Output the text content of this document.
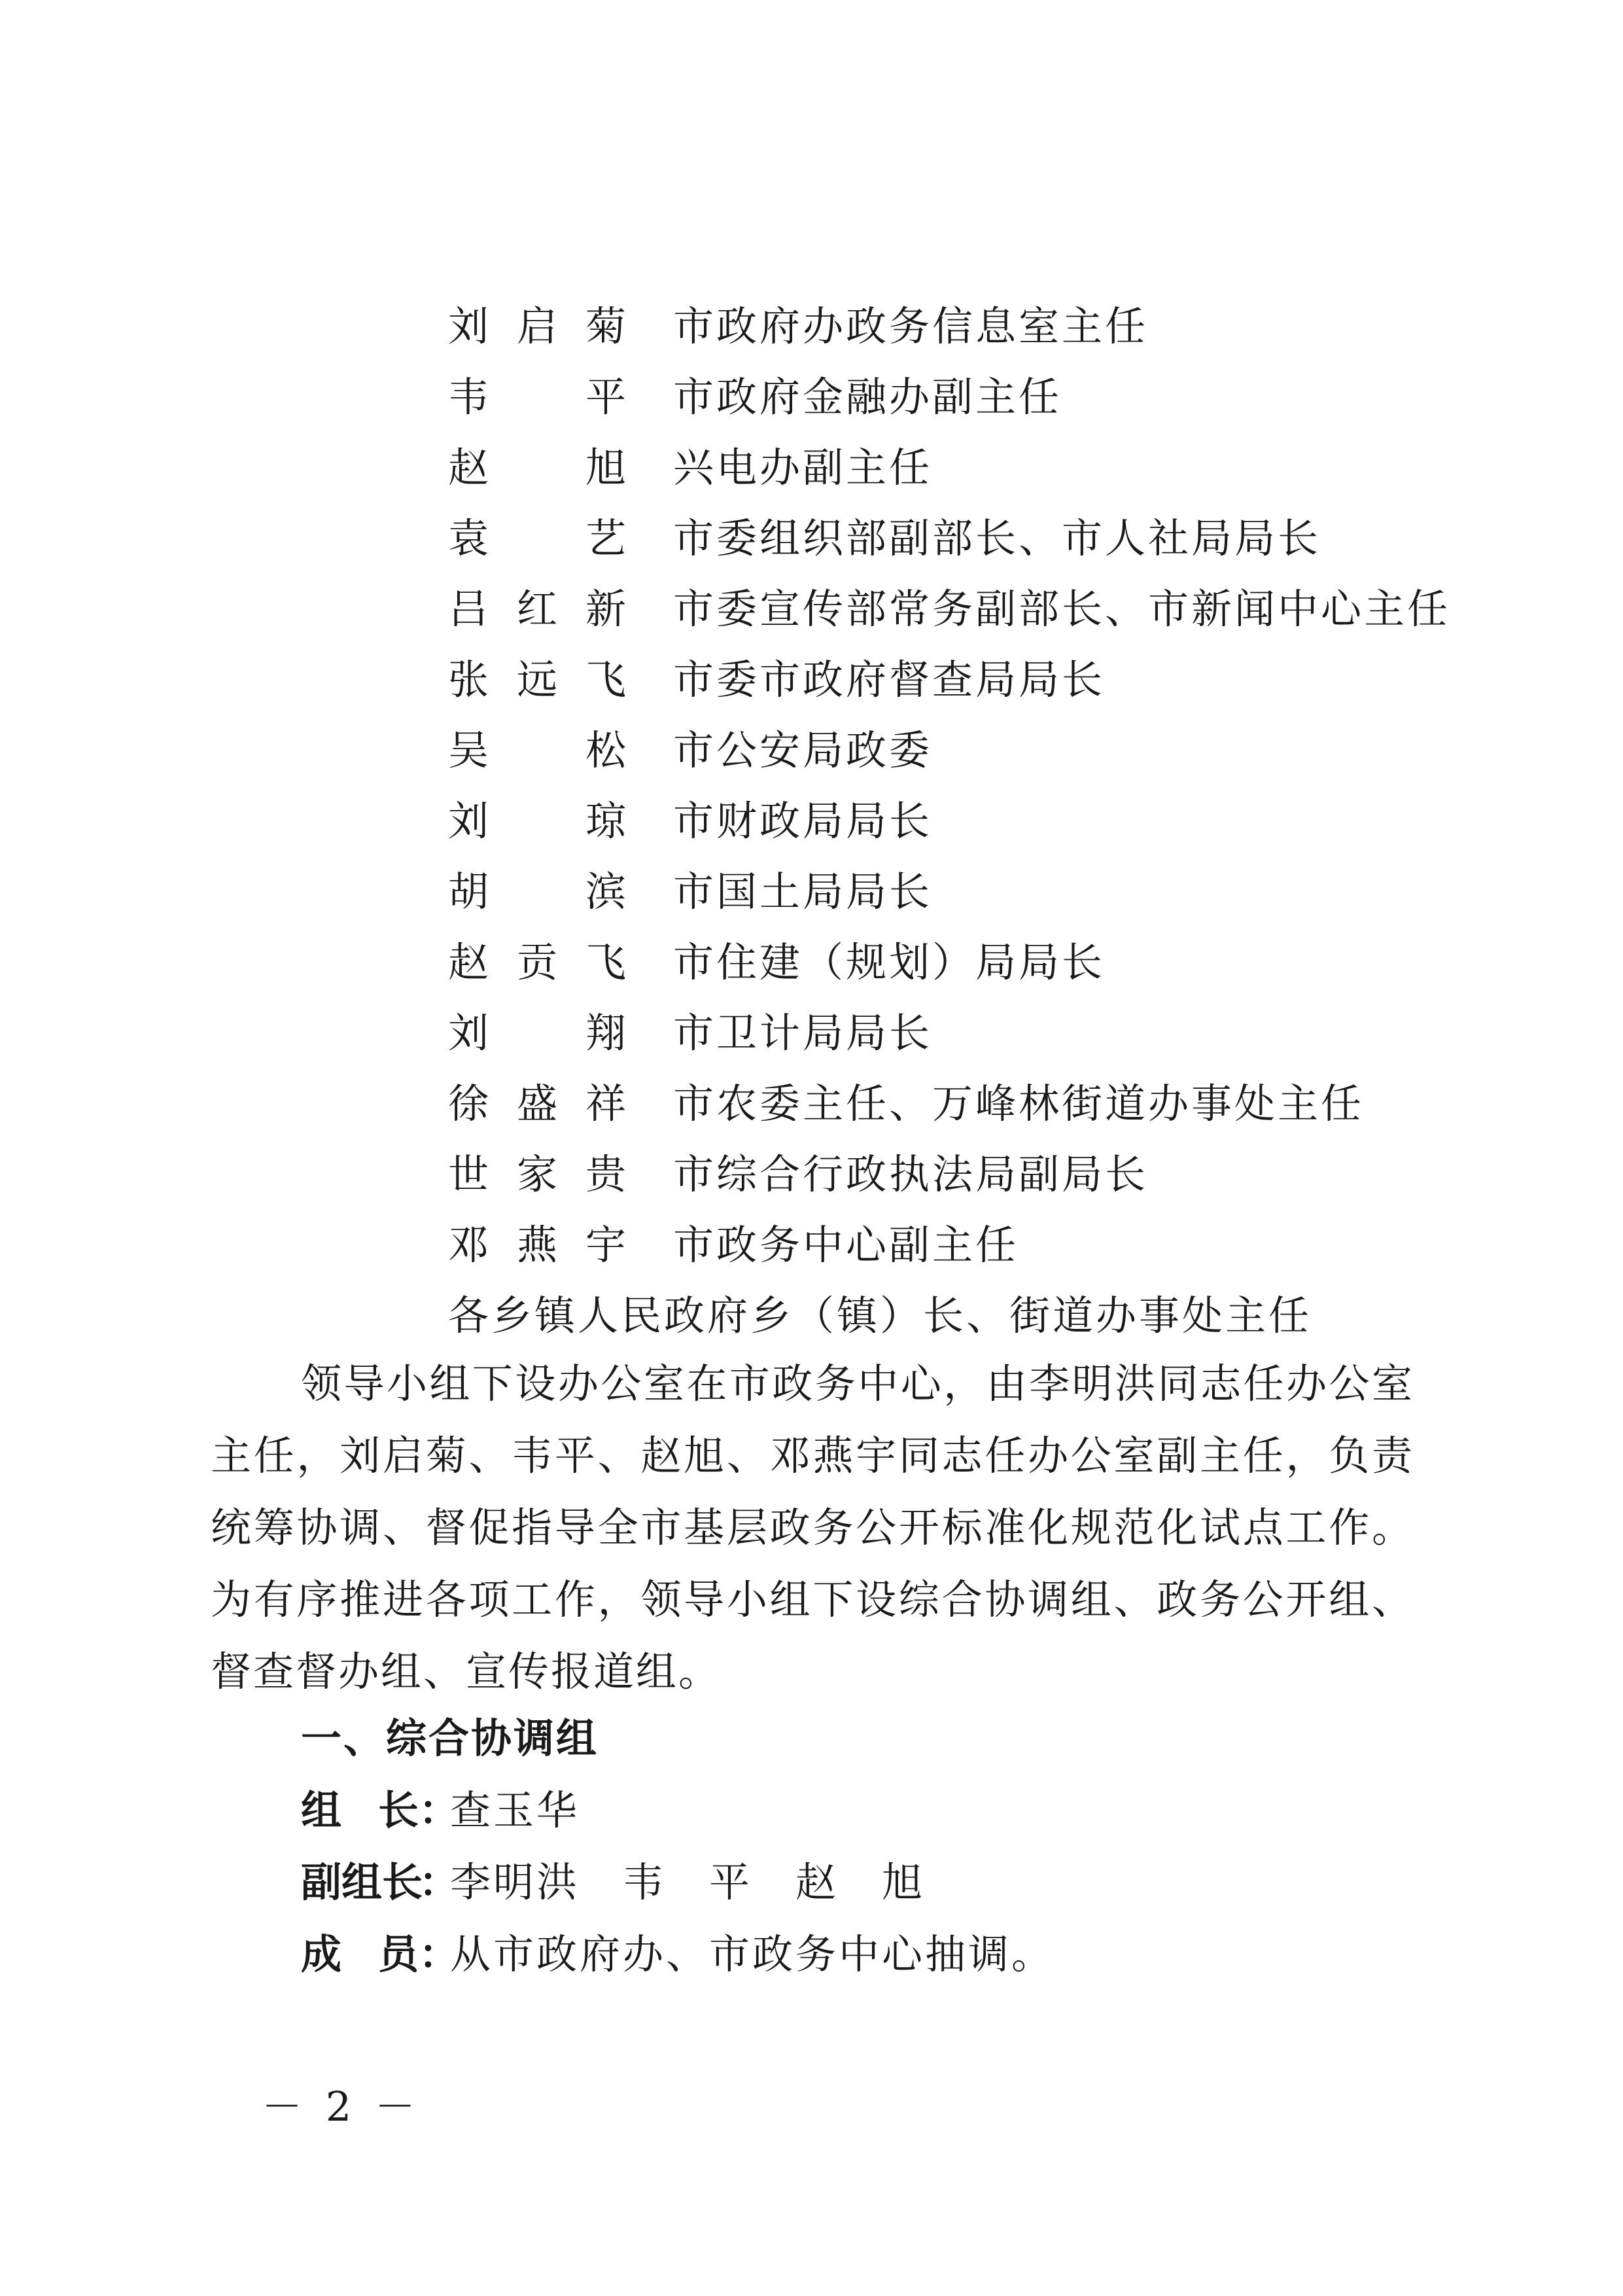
刘启菊 市政府办政务信息室主任
韦平 市政府金融办副主任
赵旭 兴电办副主任
袁艺 市委组织部副部长、市人社局局长
吕红新 市委宣传部常务副部长、市新闻中心主任
张远飞 市委市政府督查局局长
吴松 市公安局政委
刘琼 市财政局局长
胡滨 市国土局局长
赵贡飞 市住建（规划）局局长
刘翔 市卫计局局长
徐盛祥 市农委主任、万峰林街道办事处主任
世家贵 市综合行政执法局副局长
邓燕宇 市政务中心副主任
各乡镇人民政府乡（镇）长、街道办事处主任
领导小组下设办公室在市政务中心，由李明洪同志任办公室主任，刘启菊、韦平、赵旭、邓燕宇同志任办公室副主任，负责统筹协调、督促指导全市基层政务公开标准化规范化试点工作。为有序推进各项工作，领导小组下设综合协调组、政务公开组、督查督办组、宣传报道组。
一、综合协调组
组长 ：
查玉华
副组长
：
李明洪　韦　平　赵　旭
成员 ：
从市政府办、市政务中心抽调。
－ 2 －
